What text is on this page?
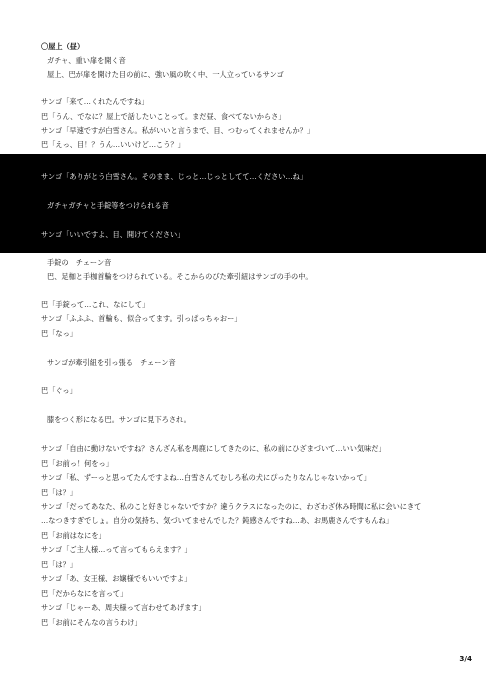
〇屋上（昼）
ガチャ、重い扉を開く音
屋上、巴が扉を開けた目の前に、強い風の吹く中、一人立っているサンゴ
サンゴ「来て…くれたんですね」
巴「うん、でなに？屋上で話したいことって。まだ昼、食べてないからさ」
サンゴ「早速ですが白雪さん。私がいいと言うまで、目、つむってくれませんか？」
巴「えっ、目！？うん…いいけど…こう？」
サンゴ「ありがとう白雪さん。そのまま、じっと…じっとしてて…ください…ね」
ガチャガチャと手錠等をつけられる音
サンゴ「いいですよ、目、開けてください」
手錠の　チェーン音
巴、足枷と手枷首輪をつけられている。そこからのびた牽引紐はサンゴの手の中。
巴「手錠って…これ、なにして」
サンゴ「ふふふ、首輪も、似合ってます。引っぱっちゃおー」
巴「なっ」
サンゴが牽引紐を引っ張る　チェーン音
巴「ぐっ」
膝をつく形になる巴。サンゴに見下ろされ。
サンゴ「自由に動けないですね？さんざん私を馬鹿にしてきたのに、私の前にひざまづいて…いい気味だ」
巴「お前っ！何をっ」
サンゴ「私、ずーっと思ってたんですよね…白雪さんてむしろ私の犬にぴったりなんじゃないかって」
巴「は？」
サンゴ「だってあなた、私のこと好きじゃないですか？違うクラスになったのに、わざわざ休み時間に私に会いにきて
…なつきすぎでしょ。自分の気持ち、気づいてませんでした？鈍感さんですね…あ、お馬鹿さんですもんね」
巴「お前はなにを」
サンゴ「ご主人様…って言ってもらえます？」
巴「は？」
サンゴ「あ、女王様、お嬢様でもいいですよ」
巴「だからなにを言って」
サンゴ「じゃーあ、周夫様って言わせてあげます」
巴「お前にそんなの言うわけ」
3/4
